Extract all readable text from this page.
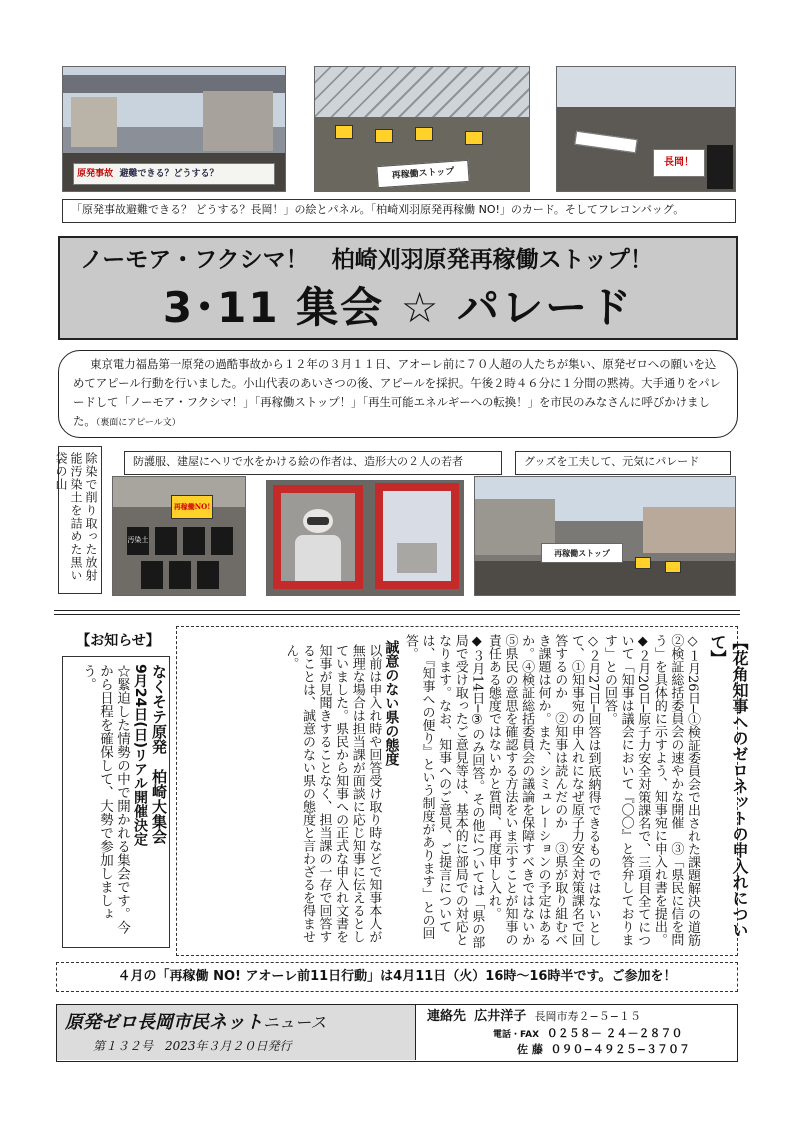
原発事故 避難できる？どうする？	再稼働ストップ
長岡！
「原発事故避難できる？ どうする？長岡！」の絵とパネル。「柏崎刈羽原発再稼働 NO!」のカード。そしてフレコンバッグ。
ノーモア・フクシマ！　柏崎刈羽原発再稼働ストップ！
3･11 集会 ☆ パレード
東京電力福島第一原発の過酷事故から１２年の３月１１日、アオーレ前に７０人超の人たちが集い、原発ゼロへの願いを込めてアピール行動を行いました。小山代表のあいさつの後、アピールを採択。午後２時４６分に１分間の黙祷。大手通りをパレードして「ノーモア・フクシマ！」「再稼働ストップ！」「再生可能エネルギーへの転換！」を市民のみなさんに呼びかけました。（裏面にアピール文）
除染で削り取った放射能汚染土を詰めた黒い袋の山
再稼働NO!
汚染土
防護服、建屋にヘリで水をかける絵の作者は、造形大の２人の若者	グッズを工夫して、元気にパレード
再稼働ストップ
【花角知事へのゼロネットの申入れについて】
◇１月26日─①検証委員会で出された課題解決の道筋　②検証総括委員会の速やかな開催　③「県民に信を問う」を具体的に示すよう、知事宛に申入れ書を提出。
◆２月20日─原子力安全対策課名で、三項目全てについて「知事は議会において『〇〇』と答弁しております」との回答。
◇２月27日─回答は到底納得できるものではないとして、①知事宛の申入れになぜ原子力安全対策課名で回答するのか　②知事は読んだのか　③県が取り組むべき課題は何か。また、シミュレーションの予定はあるか。④検証総括委員会の議論を保障すべきではないか　⑤県民の意思を確認する方法をいま示すことが知事の責任ある態度ではないかと質問、再度申し入れ。
◆３月14日─③のみ回答。その他については「県の部局で受け取ったご意見等は、基本的に部局での対応となります。なお、知事へのご意見、ご提言については、『知事への便り』という制度があります」との回答。
誠意のない県の態度
以前は申入れ時や回答受け取り時などで知事本人が無理な場合は担当課が面談に応じ知事に伝えるとしていました。県民から知事への正式な申入れ文書を知事が見聞きすることなく、担当課の一存で回答することは、誠意のない県の態度と言わざるを得ません。
【お知らせ】
なくそテ原発　柏崎大集会
9月24日(日)リアル開催決定
☆緊迫した情勢の中で開かれる集会です。今から日程を確保して、大勢で参加しましょう。
４月の「再稼働 NO! アオーレ前11日行動」は4月11日（火）16時～16時半です。ご参加を！
原発ゼロ長岡市民ネットニュース
第１３２号　2023年３月２０日発行
連絡先 広井洋子 長岡市寿２−５−１５
電話・FAX ０２５８－ ２４－２８７０
佐 藤 ０９０−４９２５−３７０７
